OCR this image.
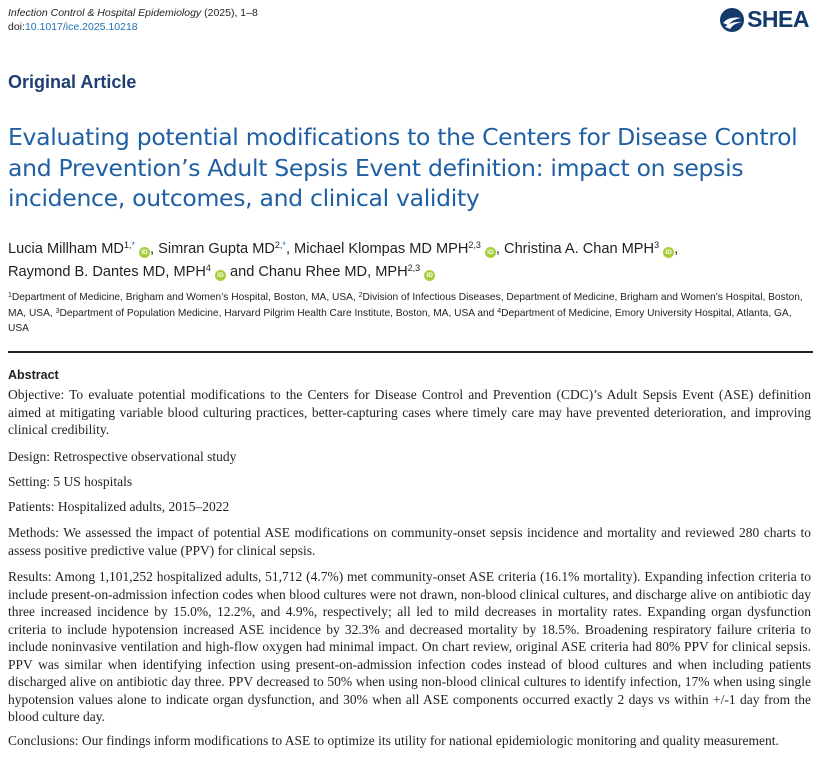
Infection Control & Hospital Epidemiology (2025), 1–8
doi:10.1017/ice.2025.10218	SHEA
Original Article
Evaluating potential modifications to the Centers for Disease Control and Prevention’s Adult Sepsis Event definition: impact on sepsis incidence, outcomes, and clinical validity
Lucia Millham $MD^{1,*}iD$ , Simran Gupta $MD^{2,*}$, Michael Klompas MD MPH$^{2,3}$iD , Christina A. Chan MPH$^3$iD ,
Raymond B. Dantes MD, MPH$^4$iD and Chanu Rhee MD, MPH$^{2,3}$iD
$^1$Department of Medicine, Brigham and Women’s Hospital, Boston, MA, USA, $^2$Division of Infectious Diseases, Department of Medicine, Brigham and Women’s Hospital, Boston, MA, USA, $^3$Department of Population Medicine, Harvard Pilgrim Health Care Institute, Boston, MA, USA and $^4$Department of Medicine, Emory University Hospital, Atlanta, GA, USA
Abstract

Objective: To evaluate potential modifications to the Centers for Disease Control and Prevention (CDC)’s Adult Sepsis Event (ASE) definition aimed at mitigating variable blood culturing practices, better-capturing cases where timely care may have prevented deterioration, and improving clinical credibility.

Design: Retrospective observational study

Setting: 5 US hospitals

Patients: Hospitalized adults, 2015–2022

Methods: We assessed the impact of potential ASE modifications on community-onset sepsis incidence and mortality and reviewed 280 charts to assess positive predictive value (PPV) for clinical sepsis.

Results: Among 1,101,252 hospitalized adults, 51,712 (4.7%) met community-onset ASE criteria (16.1% mortality). Expanding infection criteria to include present-on-admission infection codes when blood cultures were not drawn, non-blood clinical cultures, and discharge alive on antibiotic day three increased incidence by 15.0%, 12.2%, and 4.9%, respectively; all led to mild decreases in mortality rates. Expanding organ dysfunction criteria to include hypotension increased ASE incidence by 32.3% and decreased mortality by 18.5%. Broadening respiratory failure criteria to include noninvasive ventilation and high-flow oxygen had minimal impact. On chart review, original ASE criteria had 80% PPV for clinical sepsis. PPV was similar when identifying infection using present-on-admission infection codes instead of blood cultures and when including patients discharged alive on antibiotic day three. PPV decreased to 50% when using non-blood clinical cultures to identify infection, 17% when using single hypotension values alone to indicate organ dysfunction, and 30% when all ASE components occurred exactly 2 days vs within +/-1 day from the blood culture day.

Conclusions: Our findings inform modifications to ASE to optimize its utility for national epidemiologic monitoring and quality measurement.
